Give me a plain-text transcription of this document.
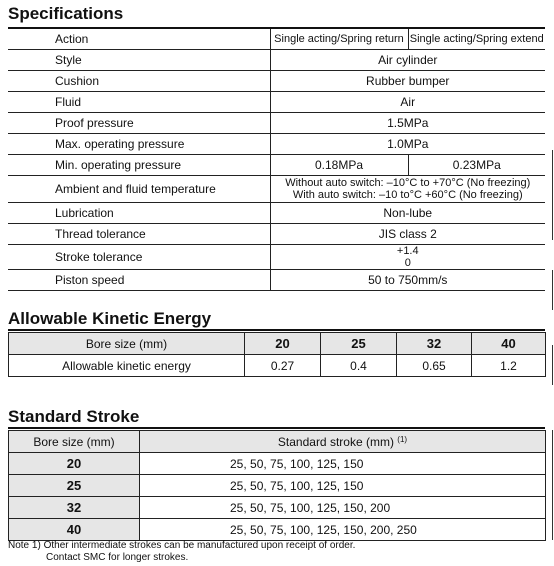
Specifications
Action	Single acting/Spring return	Single acting/Spring extend
Style	Air cylinder	
Cushion	Rubber bumper	
Fluid	Air	
Proof pressure	1.5MPa	
Max. operating pressure	1.0MPa	
Min. operating pressure	0.18MPa	0.23MPa
Ambient and fluid temperature	Without auto switch: –10°C to +70°C (No freezing)
With auto switch: –10 to°C +60°C (No freezing)	

Lubrication	Non-lube	
Thread tolerance	JIS class 2	
Stroke tolerance	+1.4
0	

Piston speed	50 to 750mm/s	
Allowable Kinetic Energy
Bore size (mm)	20	25	32	40
Allowable kinetic energy	0.27	0.4	0.65	1.2
Standard Stroke
Bore size (mm)	Standard stroke (mm) $^{(1)}$
20	25, 50, 75, 100, 125, 150
25	25, 50, 75, 100, 125, 150
32	25, 50, 75, 100, 125, 150, 200
40	25, 50, 75, 100, 125, 150, 200, 250
Note 1) Other intermediate strokes can be manufactured upon receipt of order.
Contact SMC for longer strokes.
